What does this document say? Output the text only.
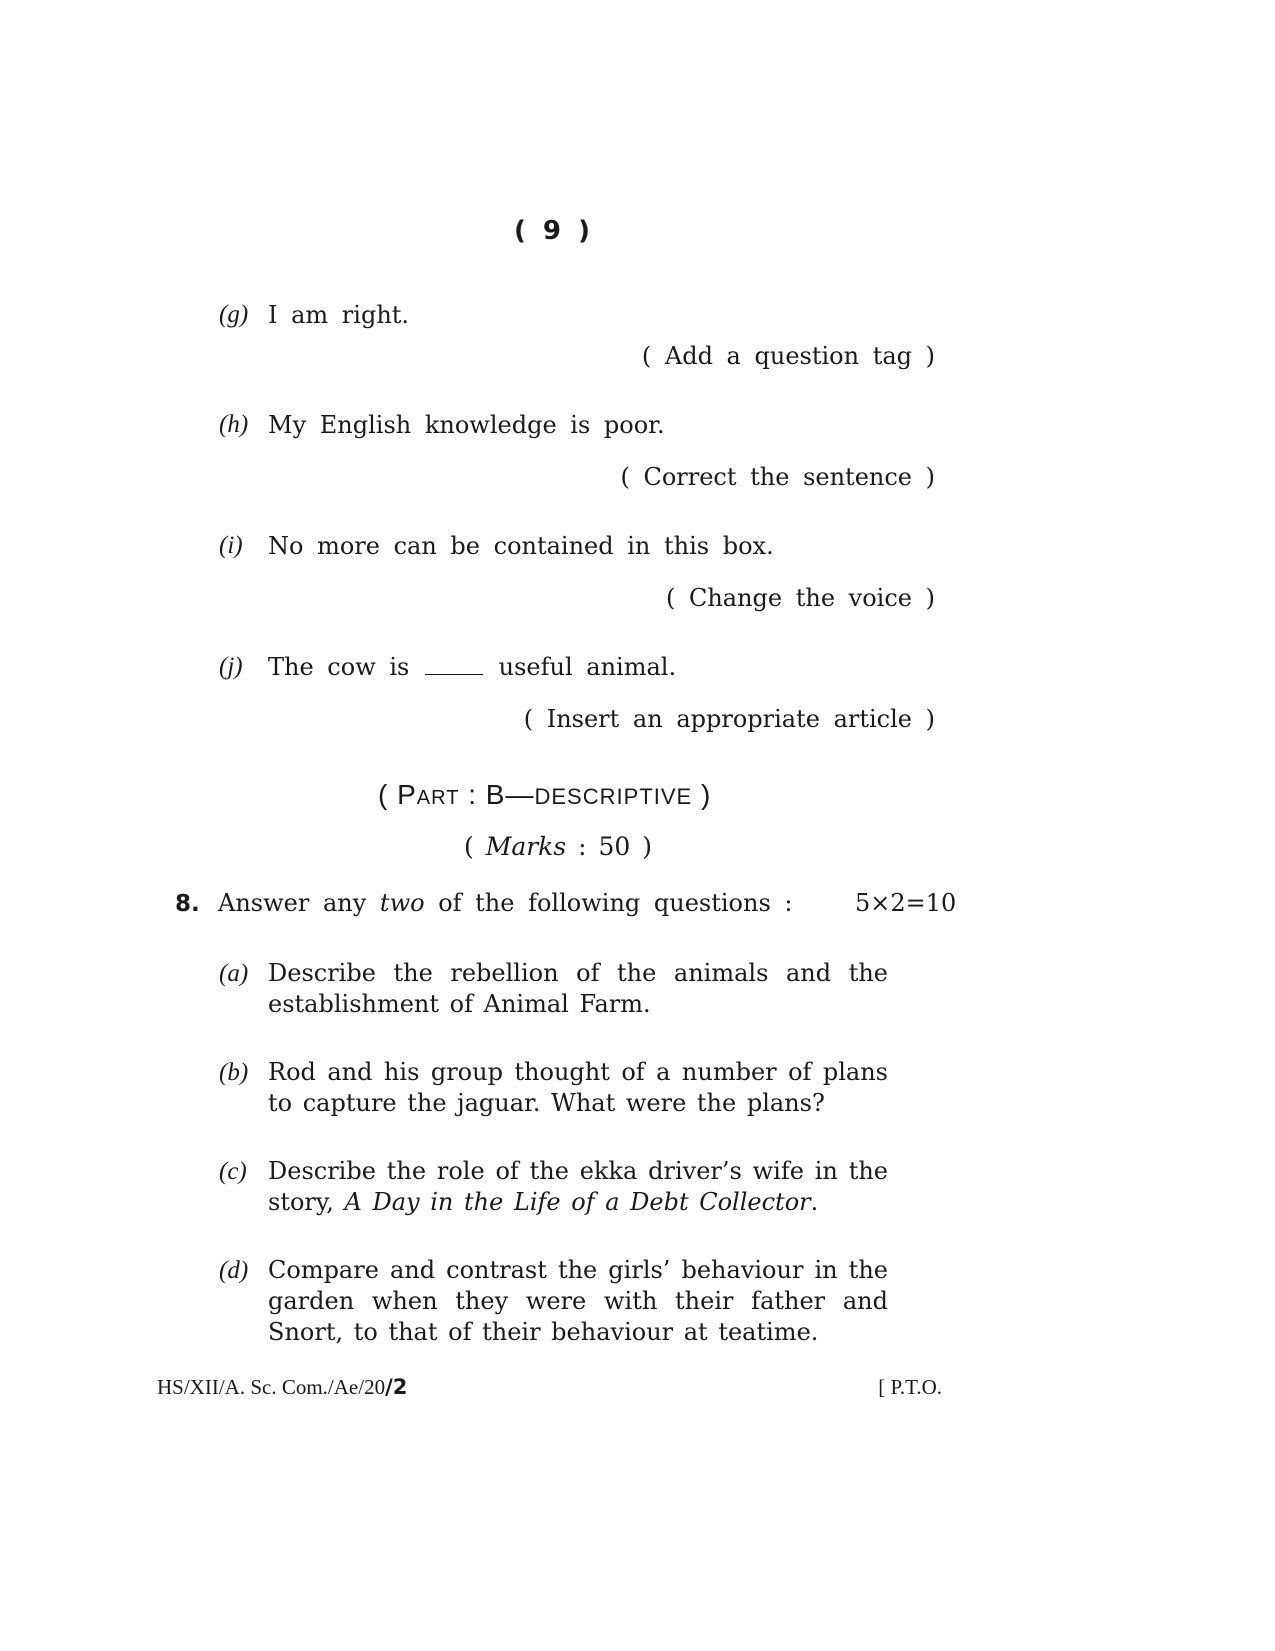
( 9 )
(g) I am right.
( Add a question tag )
(h) My English knowledge is poor.
( Correct the sentence )
(i) No more can be contained in this box.
( Change the voice )
(j) The cow is	useful animal.
( Insert an appropriate article )
( Part : B—DESCRIPTIVE )
( Marks : 50 )
8. Answer any two of the following questions :	5×2=10
(a) Describe the rebellion of the animals and the establishment of Animal Farm.
(b) Rod and his group thought of a number of plans to capture the jaguar. What were the plans?
(c) Describe the role of the ekka driver’s wife in the story, A Day in the Life of a Debt Collector.
(d) Compare and contrast the girls’ behaviour in the garden when they were with their father and Snort, to that of their behaviour at teatime.
HS/XII/A. Sc. Com./Ae/20/2	[ P.T.O.
